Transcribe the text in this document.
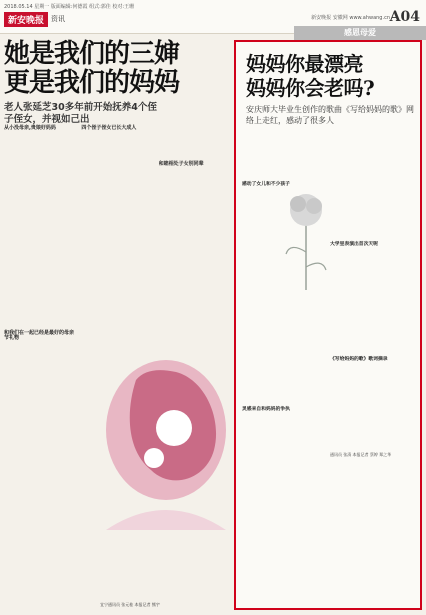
2018.05.14 星期一 版面编辑:何德霞 组式:郭佳 校对:王珊
新安晚报	资讯	新安晚报 安徽网 www.ahwang.cn A04
感恩母爱
她是我们的三婶
更是我们的妈妈
老人张延芝30多年前开始抚养4个侄
子侄女，并视如己出
从小没母亲,贵娘好妈妈
和我们在一起已经是最好的母亲节礼物
四个侄子侄女已长大成人
和睦相处子女别同辈
宜宁通讯员 张元桂 本报记者 熊宇
妈妈你最漂亮
妈妈你会老吗?
安庆师大毕业生创作的歌曲《写给妈妈的歌》网络上走红，感动了很多人
感动了女儿和不少孩子
灵感来自和妈妈的争执
大学里表演出首次天呢
《写给妈妈的歌》歌词摘录
通讯员 张清 本报记者 蔡婷 郑之华
